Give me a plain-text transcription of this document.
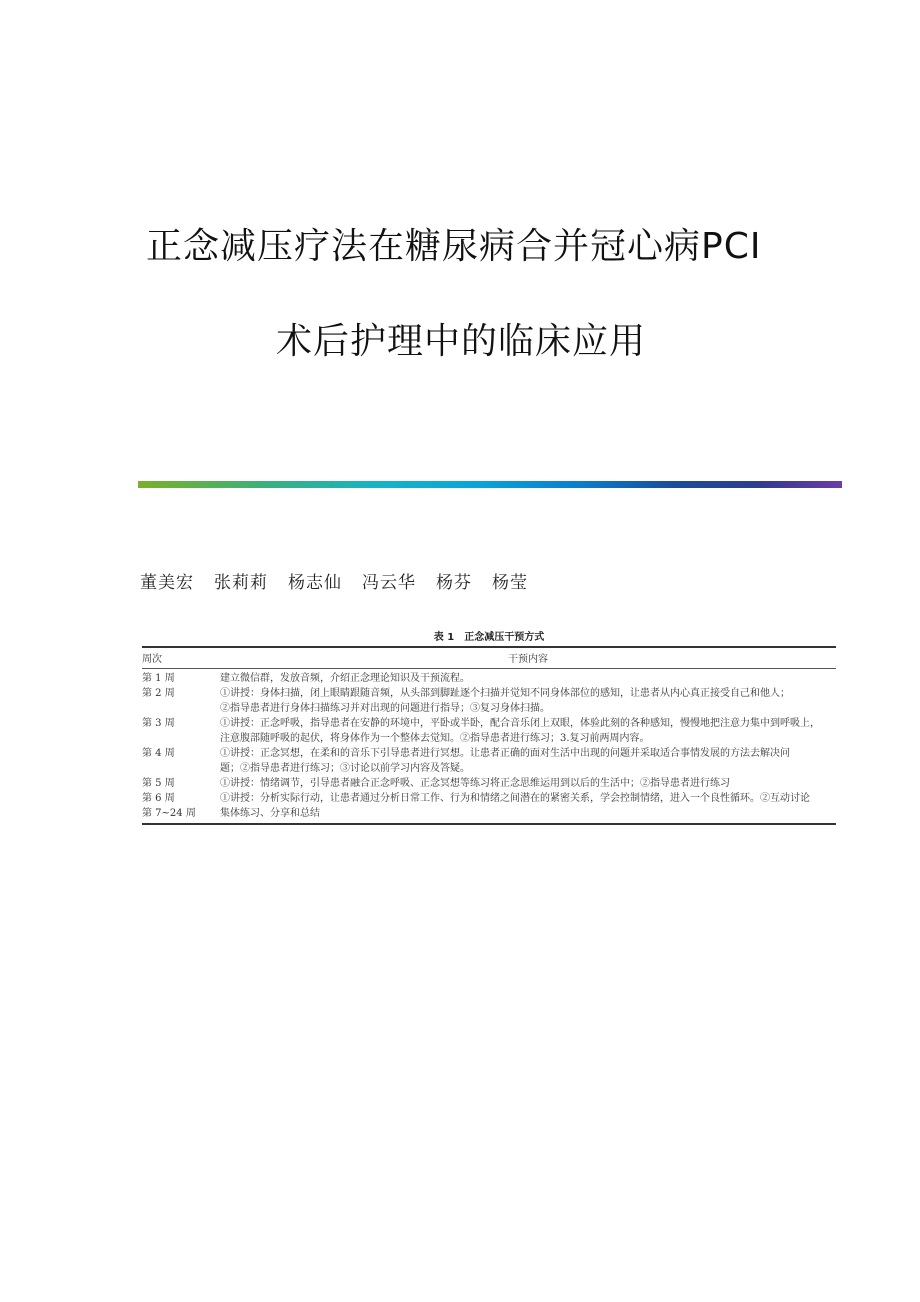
正念减压疗法在糖尿病合并冠心病PCI
术后护理中的临床应用
董美宏 张莉莉 杨志仙 冯云华 杨芬 杨莹
表 1 正念减压干预方式
周次	干预内容
第 1 周	建立微信群，发放音频，介绍正念理论知识及干预流程。

第 2 周	①讲授：身体扫描，闭上眼睛跟随音频，从头部到脚趾逐个扫描并觉知不同身体部位的感知，让患者从内心真正接受自己和他人；
②指导患者进行身体扫描练习并对出现的问题进行指导；③复习身体扫描。

第 3 周	①讲授：正念呼吸，指导患者在安静的环境中，平卧或半卧，配合音乐闭上双眼，体验此刻的各种感知，慢慢地把注意力集中到呼吸上，
注意腹部随呼吸的起伏，将身体作为一个整体去觉知。②指导患者进行练习；3.复习前两周内容。

第 4 周	①讲授：正念冥想，在柔和的音乐下引导患者进行冥想。让患者正确的面对生活中出现的问题并采取适合事情发展的方法去解决问
题；②指导患者进行练习；③讨论以前学习内容及答疑。

第 5 周	①讲授：情绪调节，引导患者融合正念呼吸、正念冥想等练习将正念思维运用到以后的生活中；②指导患者进行练习

第 6 周	①讲授：分析实际行动，让患者通过分析日常工作、行为和情绪之间潜在的紧密关系，学会控制情绪，进入一个良性循环。②互动讨论

第 7~24 周	集体练习、分享和总结
